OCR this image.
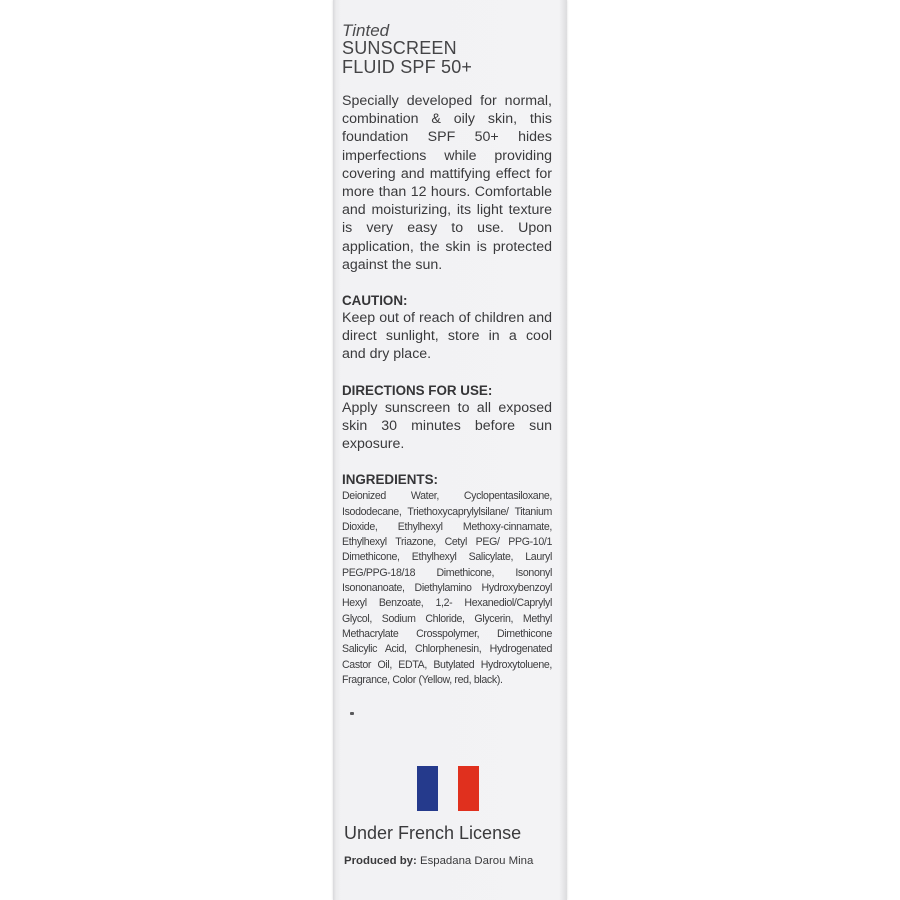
Tinted

SUNSCREEN

FLUID SPF 50+

Specially developed for normal, combination & oily skin, this foundation SPF 50+ hides imperfections while providing covering and mattifying effect for more than 12 hours. Comfortable and moisturizing, its light texture is very easy to use. Upon application, the skin is protected against the sun.

CAUTION:

Keep out of reach of children and direct sunlight, store in a cool and dry place.

DIRECTIONS FOR USE:

Apply sunscreen to all exposed skin 30 minutes before sun exposure.

INGREDIENTS:

Deionized Water, Cyclopentasiloxane, Isododecane, Triethoxycaprylylsilane/ Titanium Dioxide, Ethylhexyl Methoxy-cinnamate, Ethylhexyl Triazone, Cetyl PEG/ PPG-10/1 Dimethicone, Ethylhexyl Salicylate, Lauryl PEG/PPG-18/18 Dimethicone, Isononyl Isononanoate, Diethylamino Hydroxybenzoyl Hexyl Benzoate, 1,2- Hexanediol/Caprylyl Glycol, Sodium Chloride, Glycerin, Methyl Methacrylate Crosspolymer, Dimethicone Salicylic Acid, Chlorphenesin, Hydrogenated Castor Oil, EDTA, Butylated Hydroxytoluene, Fragrance, Color (Yellow, red, black).
Under French License
Produced by: Espadana Darou Mina
